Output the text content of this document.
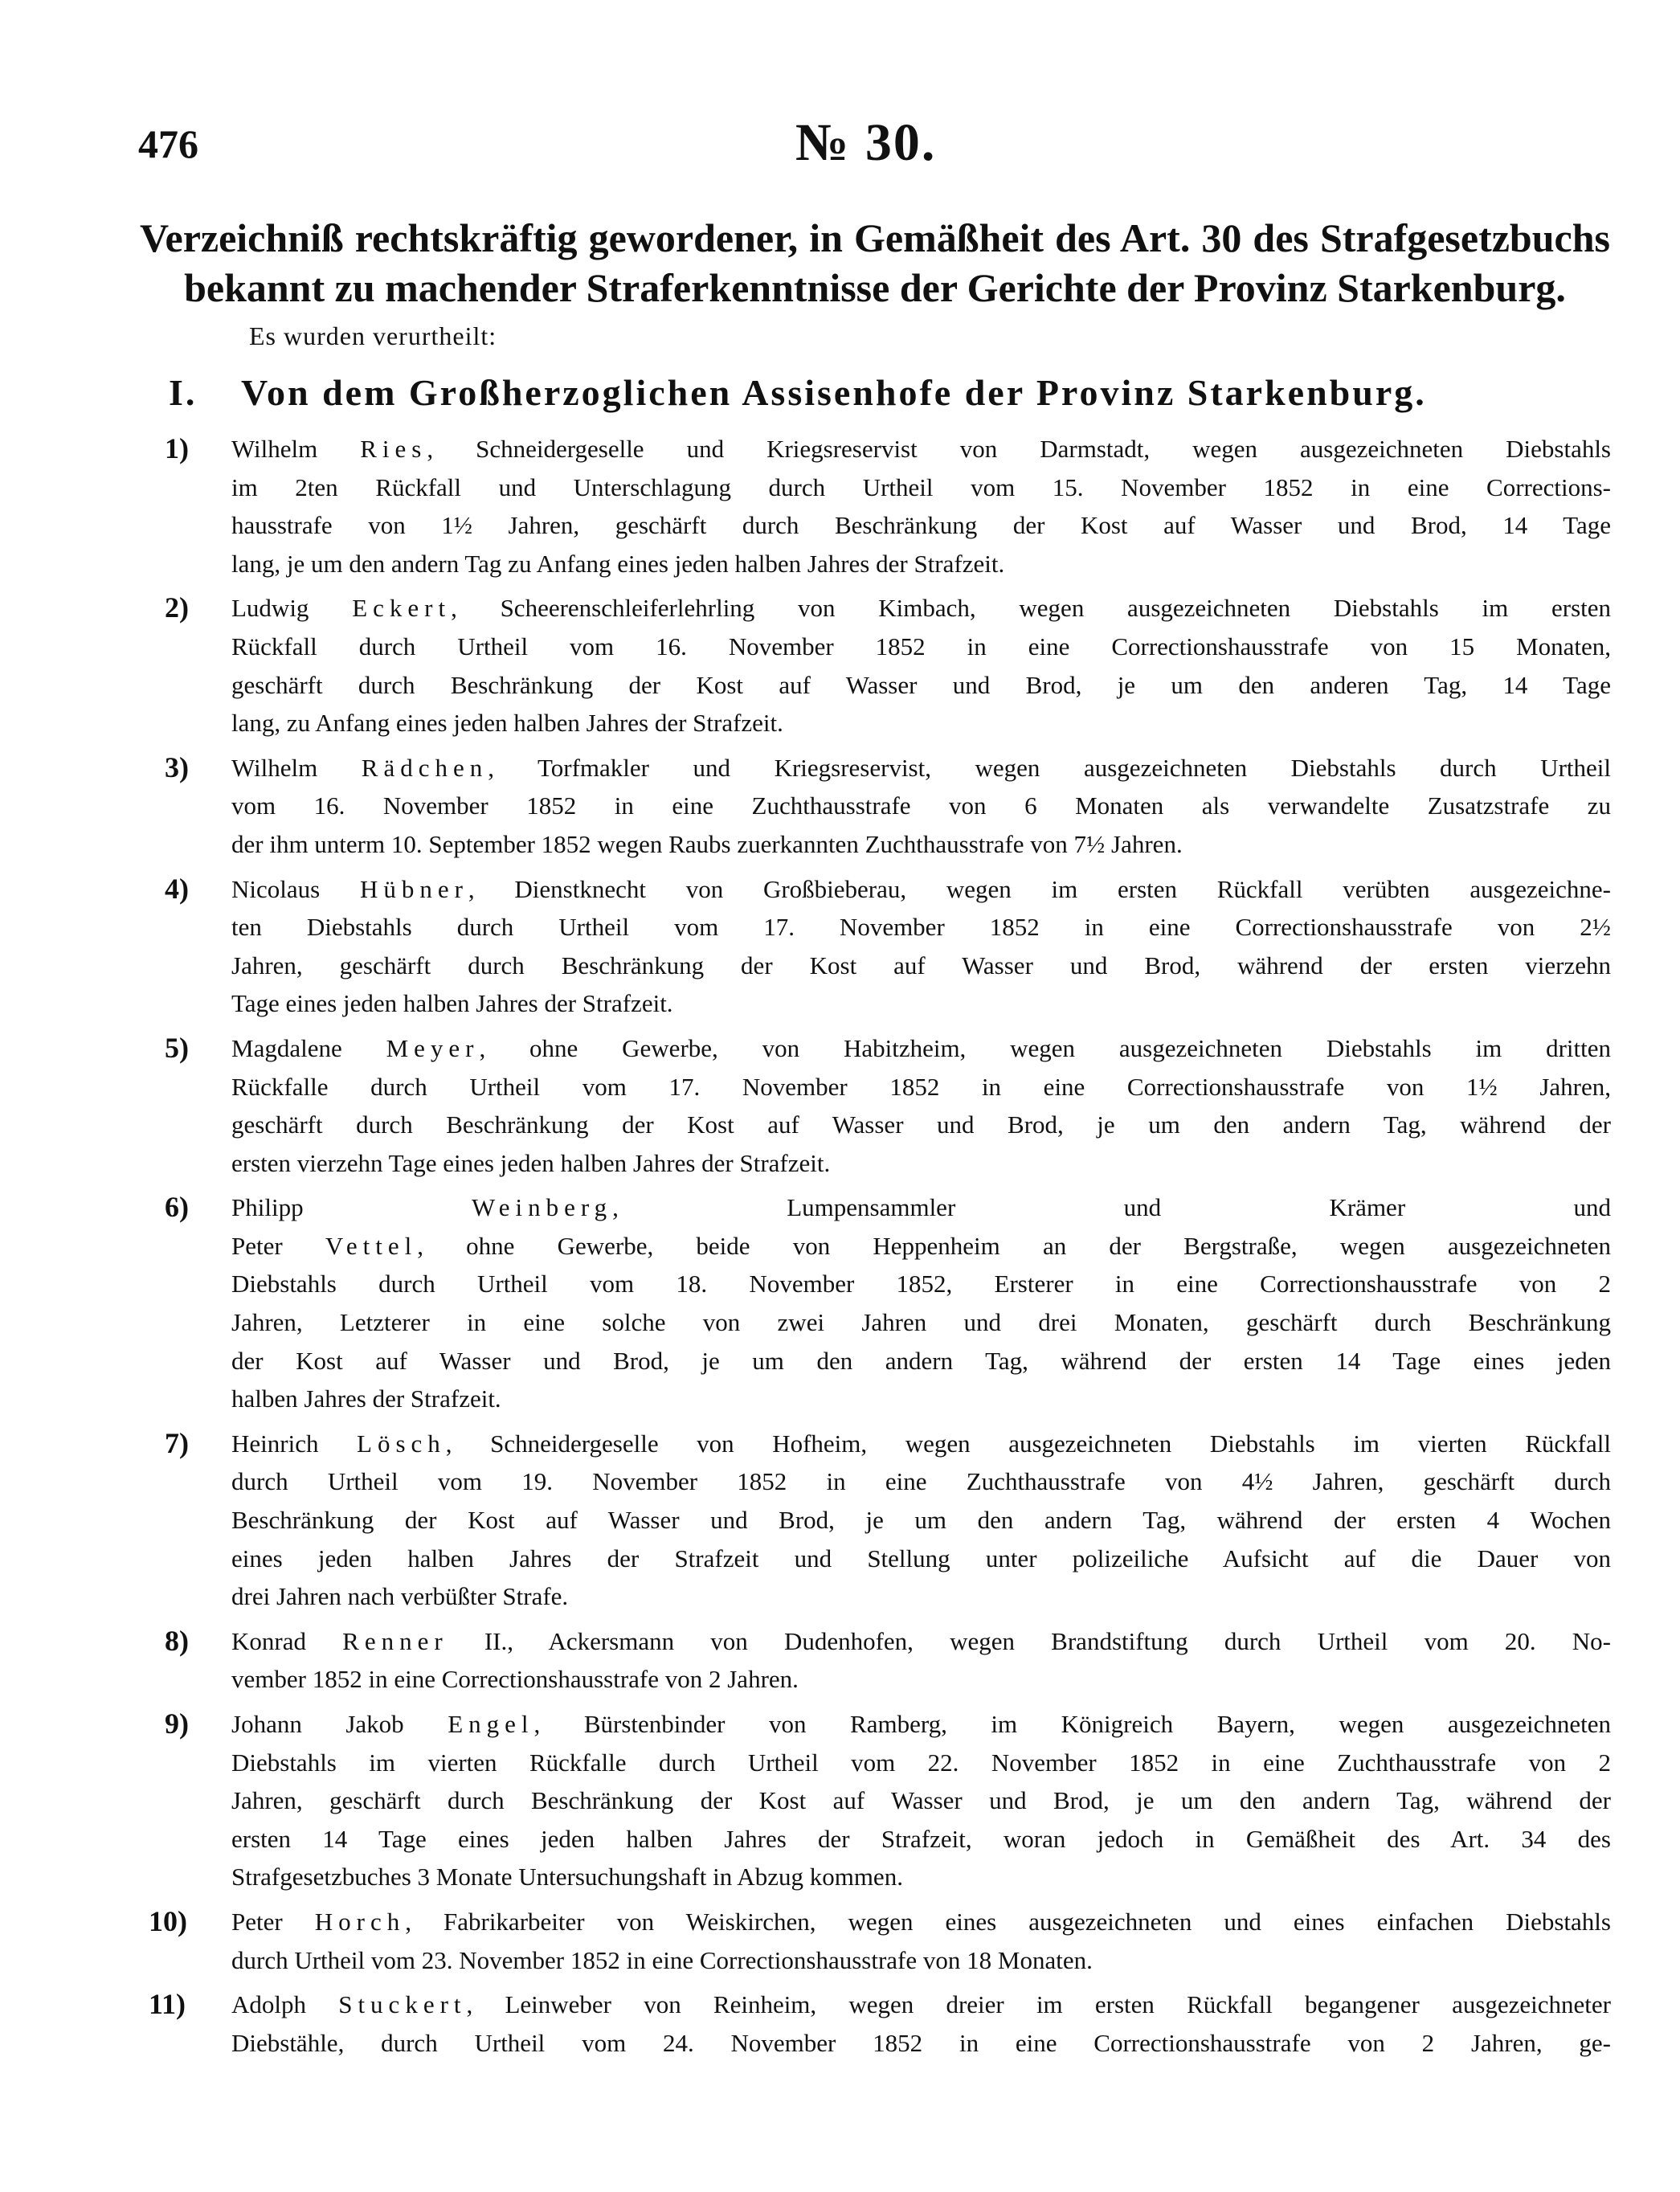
476	№ 30.
Verzeichniß rechtskräftig gewordener, in Gemäßheit des Art. 30 des Strafgesetzbuchs
bekannt zu machender Straferkenntnisse der Gerichte der Provinz Starkenburg.
Es wurden verurtheilt:
I. Von dem Großherzoglichen Assisenhofe der Provinz Starkenburg.
1) Wilhelm Ries, Schneidergeselle und Kriegsreservist von Darmstadt, wegen ausgezeichneten Diebstahls
im 2ten Rückfall und Unterschlagung durch Urtheil vom 15. November 1852 in eine Corrections-
hausstrafe von 1½ Jahren, geschärft durch Beschränkung der Kost auf Wasser und Brod, 14 Tage
lang, je um den andern Tag zu Anfang eines jeden halben Jahres der Strafzeit.
2) Ludwig Eckert, Scheerenschleiferlehrling von Kimbach, wegen ausgezeichneten Diebstahls im ersten
Rückfall durch Urtheil vom 16. November 1852 in eine Correctionshausstrafe von 15 Monaten,
geschärft durch Beschränkung der Kost auf Wasser und Brod, je um den anderen Tag, 14 Tage
lang, zu Anfang eines jeden halben Jahres der Strafzeit.
3) Wilhelm Rädchen, Torfmakler und Kriegsreservist, wegen ausgezeichneten Diebstahls durch Urtheil
vom 16. November 1852 in eine Zuchthausstrafe von 6 Monaten als verwandelte Zusatzstrafe zu
der ihm unterm 10. September 1852 wegen Raubs zuerkannten Zuchthausstrafe von 7½ Jahren.
4) Nicolaus Hübner, Dienstknecht von Großbieberau, wegen im ersten Rückfall verübten ausgezeichne-
ten Diebstahls durch Urtheil vom 17. November 1852 in eine Correctionshausstrafe von 2½
Jahren, geschärft durch Beschränkung der Kost auf Wasser und Brod, während der ersten vierzehn
Tage eines jeden halben Jahres der Strafzeit.
5) Magdalene Meyer, ohne Gewerbe, von Habitzheim, wegen ausgezeichneten Diebstahls im dritten
Rückfalle durch Urtheil vom 17. November 1852 in eine Correctionshausstrafe von 1½ Jahren,
geschärft durch Beschränkung der Kost auf Wasser und Brod, je um den andern Tag, während der
ersten vierzehn Tage eines jeden halben Jahres der Strafzeit.
6) Philipp Weinberg, Lumpensammler und Krämer und
Peter Vettel, ohne Gewerbe, beide von Heppenheim an der Bergstraße, wegen ausgezeichneten
Diebstahls durch Urtheil vom 18. November 1852, Ersterer in eine Correctionshausstrafe von 2
Jahren, Letzterer in eine solche von zwei Jahren und drei Monaten, geschärft durch Beschränkung
der Kost auf Wasser und Brod, je um den andern Tag, während der ersten 14 Tage eines jeden
halben Jahres der Strafzeit.
7) Heinrich Lösch, Schneidergeselle von Hofheim, wegen ausgezeichneten Diebstahls im vierten Rückfall
durch Urtheil vom 19. November 1852 in eine Zuchthausstrafe von 4½ Jahren, geschärft durch
Beschränkung der Kost auf Wasser und Brod, je um den andern Tag, während der ersten 4 Wochen
eines jeden halben Jahres der Strafzeit und Stellung unter polizeiliche Aufsicht auf die Dauer von
drei Jahren nach verbüßter Strafe.
8) Konrad Renner II., Ackersmann von Dudenhofen, wegen Brandstiftung durch Urtheil vom 20. No-
vember 1852 in eine Correctionshausstrafe von 2 Jahren.
9) Johann Jakob Engel, Bürstenbinder von Ramberg, im Königreich Bayern, wegen ausgezeichneten
Diebstahls im vierten Rückfalle durch Urtheil vom 22. November 1852 in eine Zuchthausstrafe von 2
Jahren, geschärft durch Beschränkung der Kost auf Wasser und Brod, je um den andern Tag, während der
ersten 14 Tage eines jeden halben Jahres der Strafzeit, woran jedoch in Gemäßheit des Art. 34 des
Strafgesetzbuches 3 Monate Untersuchungshaft in Abzug kommen.
10) Peter Horch, Fabrikarbeiter von Weiskirchen, wegen eines ausgezeichneten und eines einfachen Diebstahls
durch Urtheil vom 23. November 1852 in eine Correctionshausstrafe von 18 Monaten.
11) Adolph Stuckert, Leinweber von Reinheim, wegen dreier im ersten Rückfall begangener ausgezeichneter
Diebstähle, durch Urtheil vom 24. November 1852 in eine Correctionshausstrafe von 2 Jahren, ge-
